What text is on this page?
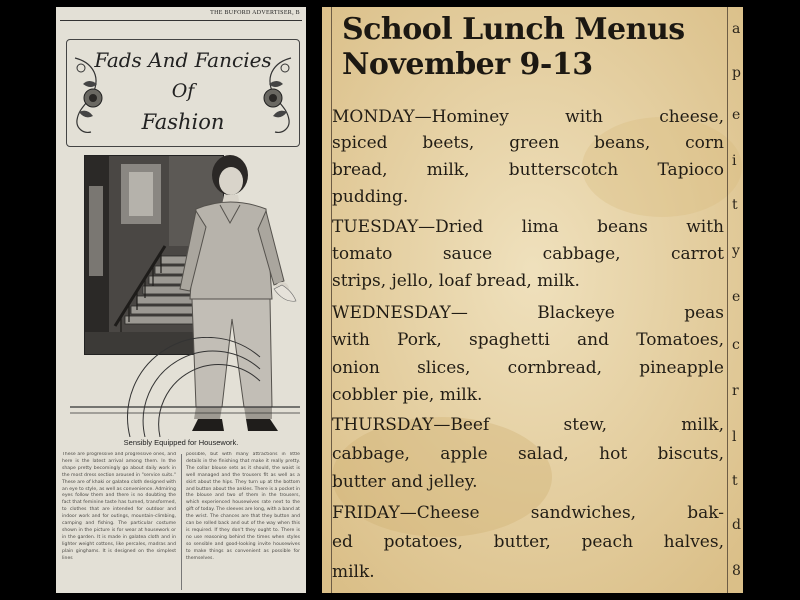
THE BUFORD ADVERTISER, B
Fads And Fancies
Of
Fashion
Sensibly Equipped for Housework.
These are progressive and progressive ones, and here is the latest arrival among them. In the shape pretty becomingly go about daily work in the most dress section aroused in "service suits." These are of khaki or galatea cloth designed with an eye to style, as well as convenience. Admiring eyes follow them and there is no doubting the fact that feminine taste has turned, transformed, to clothes that are intended for outdoor and indoor work and for outings, mountain-climbing, camping and fishing. The particular costume shown in the picture is for wear at housework or in the garden. It is made in galatea cloth and in lighter weight cottons, like percales, madras and plain ginghams. It is designed on the simplest lines
possible, but with many attractions in little details in the finishing that make it really pretty. The collar blouse sets as it should, the waist is well managed and the trousers fit as well as a skirt about the hips. They turn up at the bottom and button about the ankles. There is a pocket in the blouse and two of them in the trousers, which experienced housewives rate next to the gift of today. The sleeves are long, with a band at the wrist. The chances are that they button and can be rolled back and out of the way when this is required. If they don't they ought to. There is no use reasoning behind the times when styles so sensible and good-looking invite housewives to make things as convenient as possible for themselves.
School Lunch Menus
November 9-13
MONDAY—Hominey with cheese,
spiced beets, green beans, corn
bread, milk, butterscotch Tapioco
pudding.
TUESDAY—Dried lima beans with
tomato sauce cabbage, carrot
strips, jello, loaf bread, milk.
WEDNESDAY— Blackeye peas
with Pork, spaghetti and Tomatoes,
onion slices, cornbread, pineapple
cobbler pie, milk.
THURSDAY—Beef stew, milk,
cabbage, apple salad, hot biscuts,
butter and jelley.
FRIDAY—Cheese sandwiches, bak-
ed potatoes, butter, peach halves,
milk.
a
p
e
i
t
y
e
c
r
l
t
d
8
